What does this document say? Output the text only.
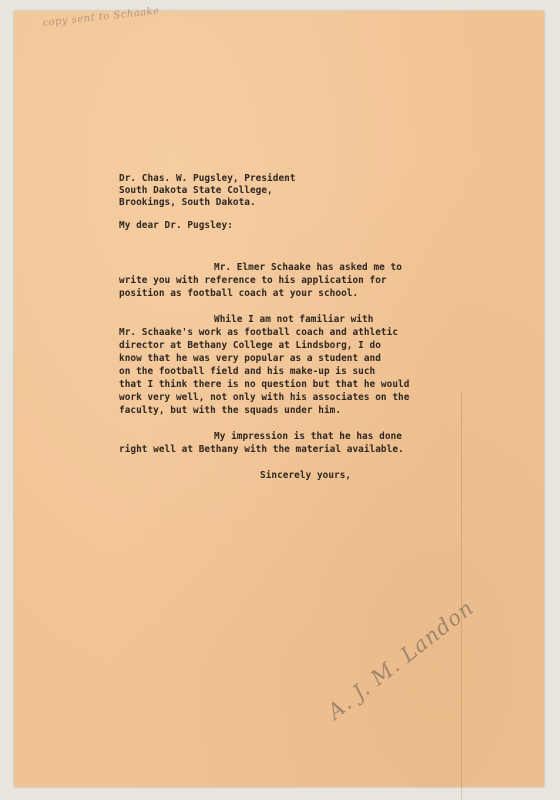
copy sent to Schaake
Dr. Chas. W. Pugsley, President
South Dakota State College,
Brookings, South Dakota.
My dear Dr. Pugsley:
Mr. Elmer Schaake has asked me to
write you with reference to his application for
position as football coach at your school.
While I am not familiar with
Mr. Schaake's work as football coach and athletic
director at Bethany College at Lindsborg, I do
know that he was very popular as a student and
on the football field and his make-up is such
that I think there is no question but that he would
work very well, not only with his associates on the
faculty, but with the squads under him.
My impression is that he has done
right well at Bethany with the material available.
Sincerely yours,
A. J. M. Landon
